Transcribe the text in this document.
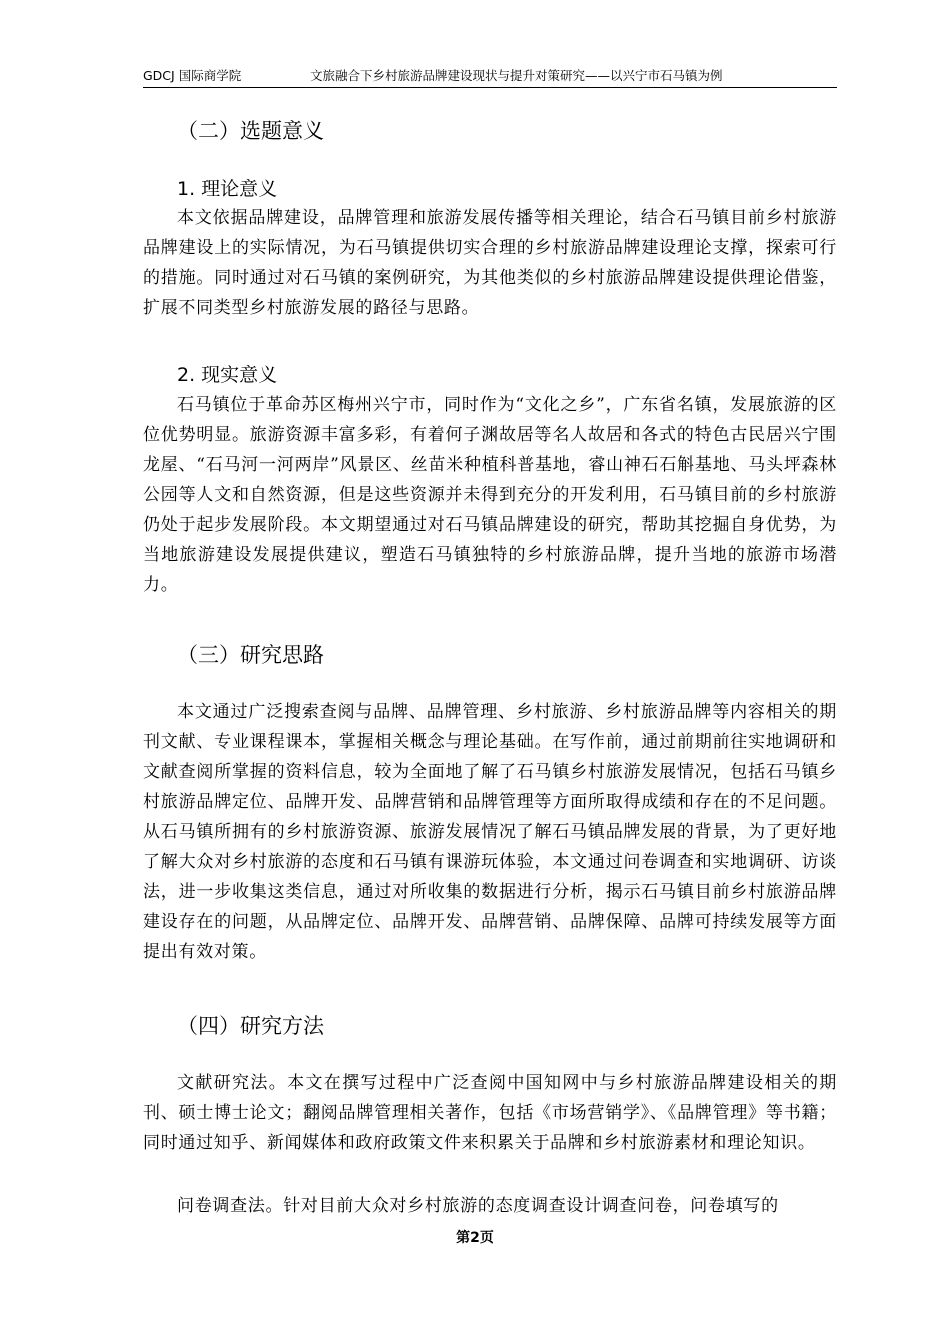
GDCJ 国际商学院	文旅融合下乡村旅游品牌建设现状与提升对策研究——以兴宁市石马镇为例
（二）选题意义
1. 理论意义

本文依据品牌建设，品牌管理和旅游发展传播等相关理论，结合石马镇目前乡村旅游品牌建设上的实际情况，为石马镇提供切实合理的乡村旅游品牌建设理论支撑，探索可行的措施。同时通过对石马镇的案例研究，为其他类似的乡村旅游品牌建设提供理论借鉴，扩展不同类型乡村旅游发展的路径与思路。

2. 现实意义

石马镇位于革命苏区梅州兴宁市，同时作为“文化之乡”，广东省名镇，发展旅游的区位优势明显。旅游资源丰富多彩，有着何子渊故居等名人故居和各式的特色古民居兴宁围龙屋、“石马河一河两岸”风景区、丝苗米种植科普基地，睿山神石石斛基地、马头坪森林公园等人文和自然资源，但是这些资源并未得到充分的开发利用，石马镇目前的乡村旅游仍处于起步发展阶段。本文期望通过对石马镇品牌建设的研究，帮助其挖掘自身优势，为当地旅游建设发展提供建议，塑造石马镇独特的乡村旅游品牌，提升当地的旅游市场潜力。

（三）研究思路

本文通过广泛搜索查阅与品牌、品牌管理、乡村旅游、乡村旅游品牌等内容相关的期刊文献、专业课程课本，掌握相关概念与理论基础。在写作前，通过前期前往实地调研和文献查阅所掌握的资料信息，较为全面地了解了石马镇乡村旅游发展情况，包括石马镇乡村旅游品牌定位、品牌开发、品牌营销和品牌管理等方面所取得成绩和存在的不足问题。从石马镇所拥有的乡村旅游资源、旅游发展情况了解石马镇品牌发展的背景，为了更好地了解大众对乡村旅游的态度和石马镇有课游玩体验，本文通过问卷调查和实地调研、访谈法，进一步收集这类信息，通过对所收集的数据进行分析，揭示石马镇目前乡村旅游品牌建设存在的问题，从品牌定位、品牌开发、品牌营销、品牌保障、品牌可持续发展等方面提出有效对策。

（四）研究方法

文献研究法。本文在撰写过程中广泛查阅中国知网中与乡村旅游品牌建设相关的期刊、硕士博士论文；翻阅品牌管理相关著作，包括《市场营销学》、《品牌管理》等书籍；同时通过知乎、新闻媒体和政府政策文件来积累关于品牌和乡村旅游素材和理论知识。

问卷调查法。针对目前大众对乡村旅游的态度调查设计调查问卷，问卷填写的

第2页
